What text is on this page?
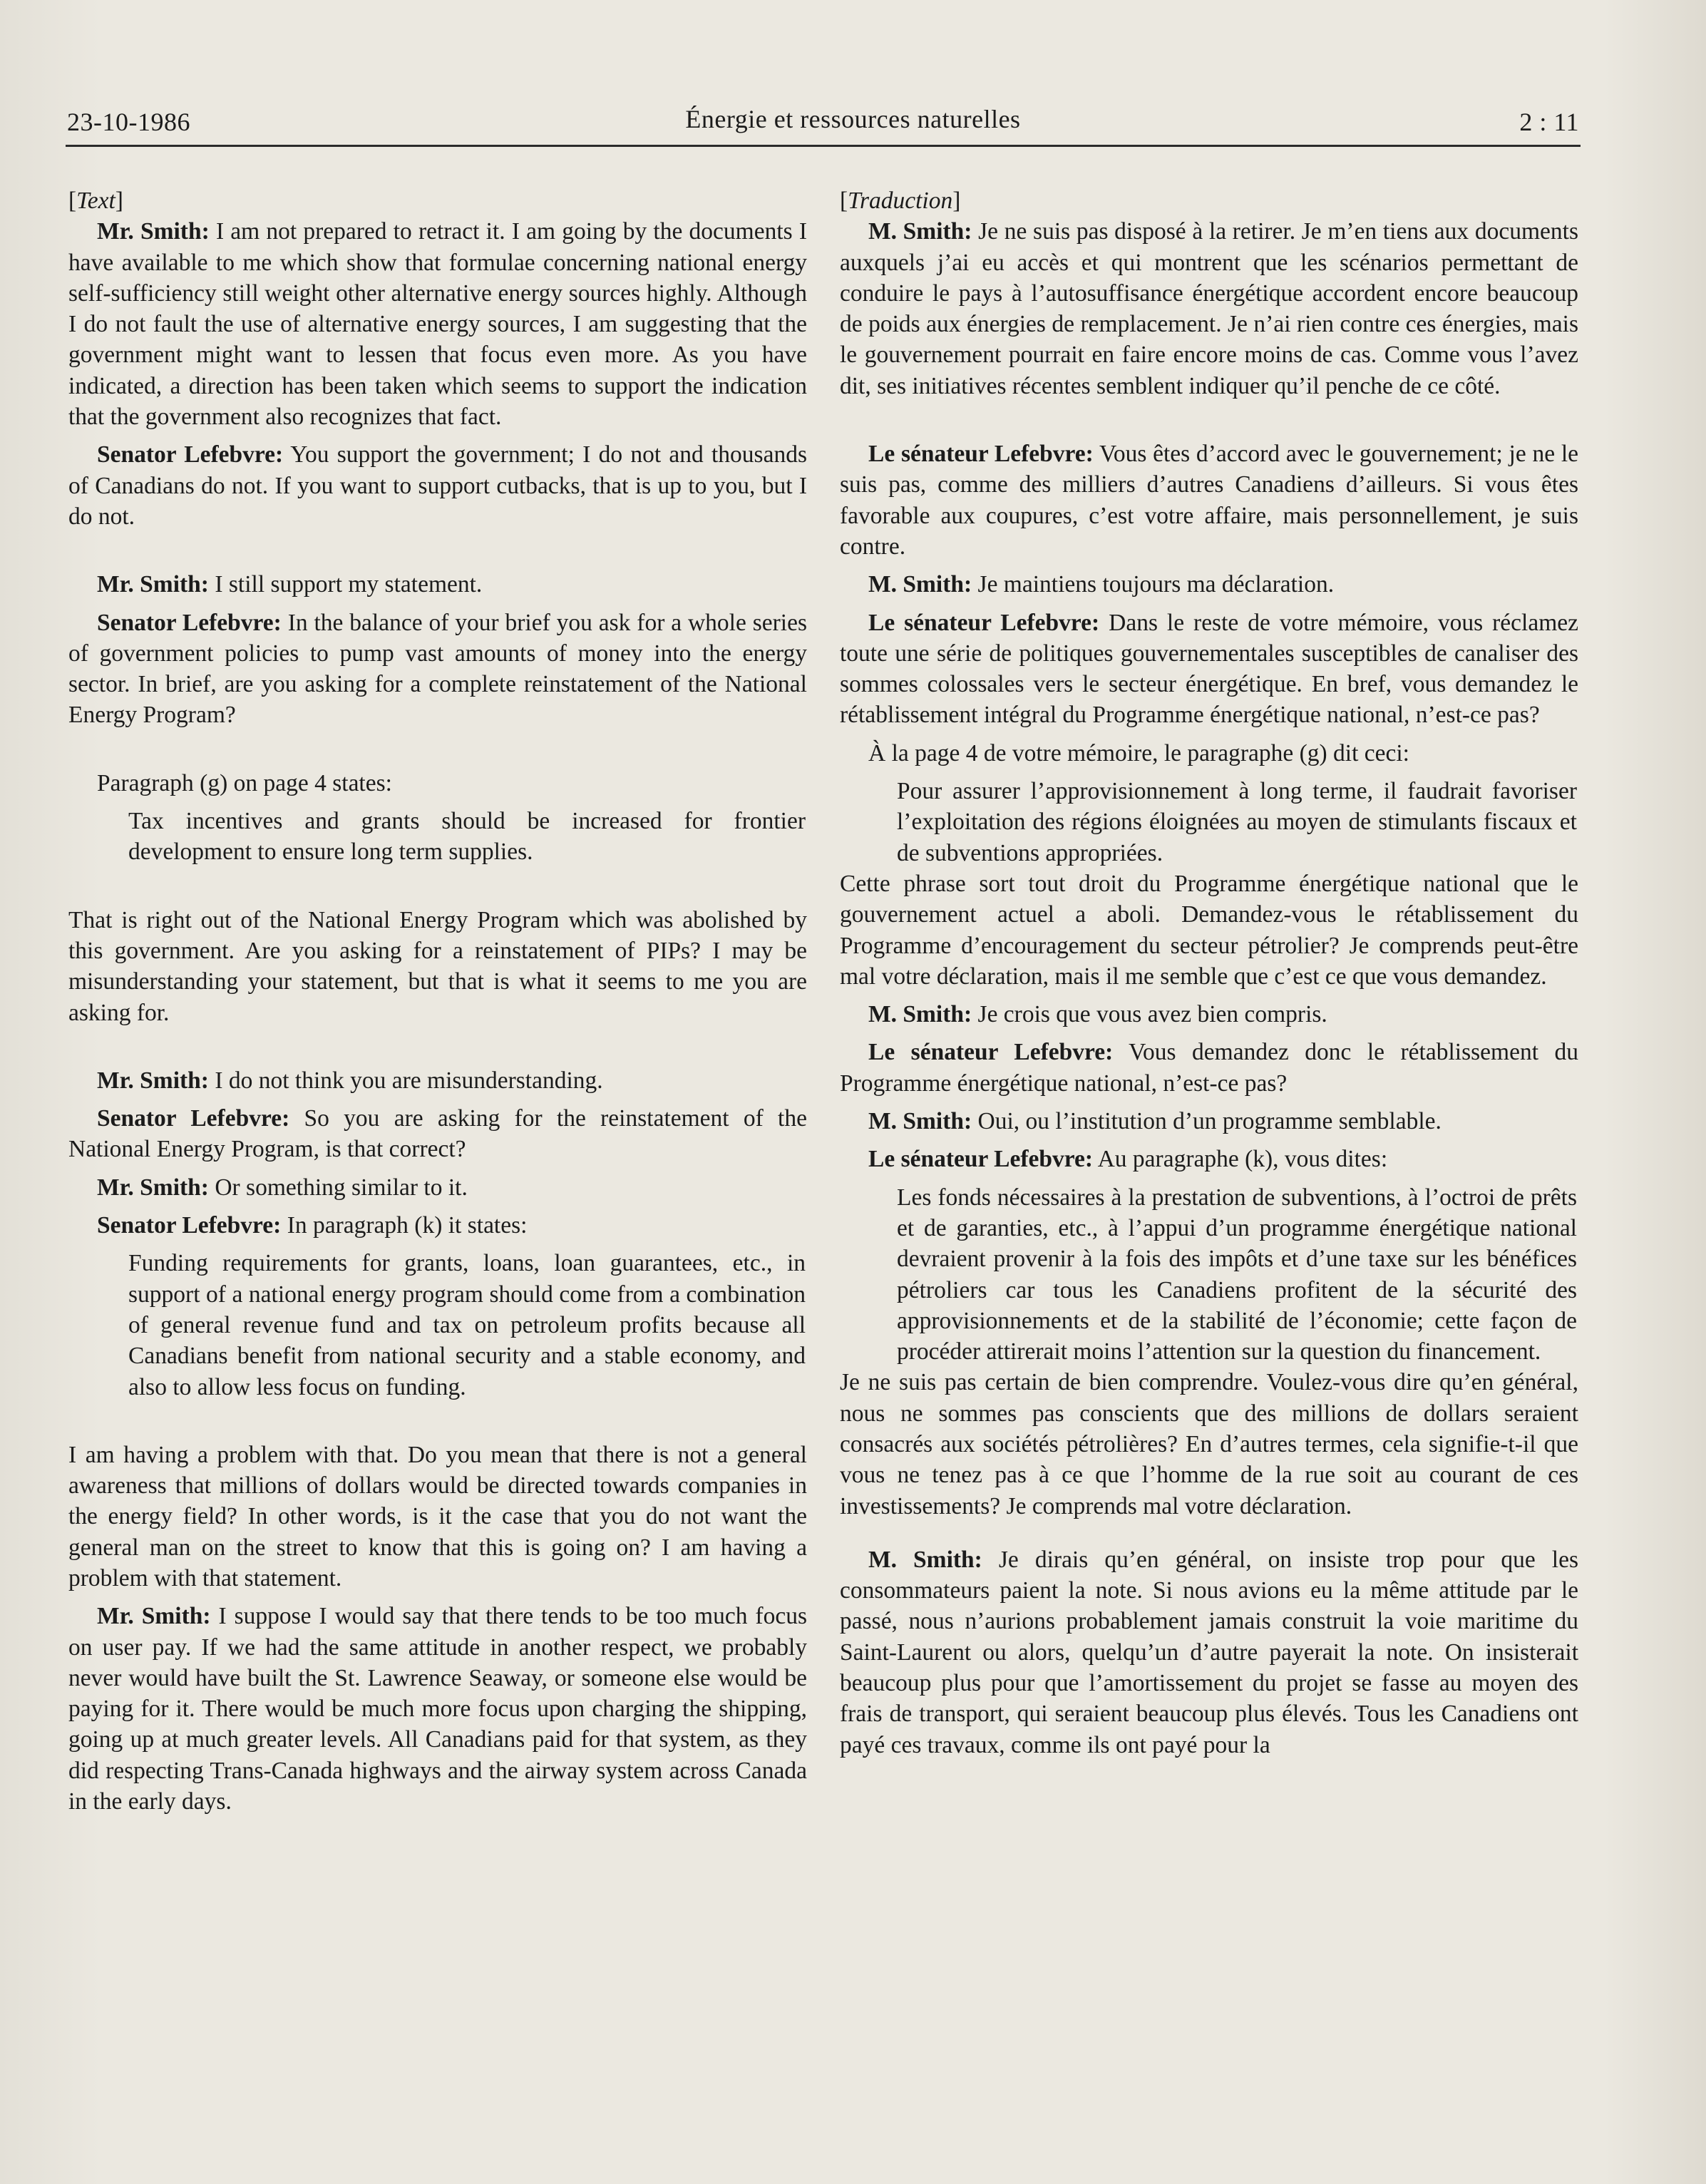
23-10-1986	Énergie et ressources naturelles	2 : 11

[Text]

Mr. Smith: I am not prepared to retract it. I am going by the documents I have available to me which show that formulae concerning national energy self-sufficiency still weight other alternative energy sources highly. Although I do not fault the use of alternative energy sources, I am suggesting that the government might want to lessen that focus even more. As you have indicated, a direction has been taken which seems to support the indication that the government also recognizes that fact.

Senator Lefebvre: You support the government; I do not and thousands of Canadians do not. If you want to support cutbacks, that is up to you, but I do not.

Mr. Smith: I still support my statement.

Senator Lefebvre: In the balance of your brief you ask for a whole series of government policies to pump vast amounts of money into the energy sector. In brief, are you asking for a complete reinstatement of the National Energy Program?

Paragraph (g) on page 4 states:

Tax incentives and grants should be increased for frontier development to ensure long term supplies.

That is right out of the National Energy Program which was abolished by this government. Are you asking for a reinstatement of PIPs? I may be misunderstanding your statement, but that is what it seems to me you are asking for.

Mr. Smith: I do not think you are misunderstanding.

Senator Lefebvre: So you are asking for the reinstatement of the National Energy Program, is that correct?

Mr. Smith: Or something similar to it.

Senator Lefebvre: In paragraph (k) it states:

Funding requirements for grants, loans, loan guarantees, etc., in support of a national energy program should come from a combination of general revenue fund and tax on petroleum profits because all Canadians benefit from national security and a stable economy, and also to allow less focus on funding.

I am having a problem with that. Do you mean that there is not a general awareness that millions of dollars would be directed towards companies in the energy field? In other words, is it the case that you do not want the general man on the street to know that this is going on? I am having a problem with that statement.

Mr. Smith: I suppose I would say that there tends to be too much focus on user pay. If we had the same attitude in another respect, we probably never would have built the St. Lawrence Seaway, or someone else would be paying for it. There would be much more focus upon charging the shipping, going up at much greater levels. All Canadians paid for that system, as they did respecting Trans-Canada highways and the airway system across Canada in the early days.

[Traduction]

M. Smith: Je ne suis pas disposé à la retirer. Je m’en tiens aux documents auxquels j’ai eu accès et qui montrent que les scénarios permettant de conduire le pays à l’autosuffisance énergétique accordent encore beaucoup de poids aux énergies de remplacement. Je n’ai rien contre ces énergies, mais le gouvernement pourrait en faire encore moins de cas. Comme vous l’avez dit, ses initiatives récentes semblent indiquer qu’il penche de ce côté.

Le sénateur Lefebvre: Vous êtes d’accord avec le gouvernement; je ne le suis pas, comme des milliers d’autres Canadiens d’ailleurs. Si vous êtes favorable aux coupures, c’est votre affaire, mais personnellement, je suis contre.

M. Smith: Je maintiens toujours ma déclaration.

Le sénateur Lefebvre: Dans le reste de votre mémoire, vous réclamez toute une série de politiques gouvernementales susceptibles de canaliser des sommes colossales vers le secteur énergétique. En bref, vous demandez le rétablissement intégral du Programme énergétique national, n’est-ce pas?

À la page 4 de votre mémoire, le paragraphe (g) dit ceci:

Pour assurer l’approvisionnement à long terme, il faudrait favoriser l’exploitation des régions éloignées au moyen de stimulants fiscaux et de subventions appropriées.

Cette phrase sort tout droit du Programme énergétique national que le gouvernement actuel a aboli. Demandez-vous le rétablissement du Programme d’encouragement du secteur pétrolier? Je comprends peut-être mal votre déclaration, mais il me semble que c’est ce que vous demandez.

M. Smith: Je crois que vous avez bien compris.

Le sénateur Lefebvre: Vous demandez donc le rétablissement du Programme énergétique national, n’est-ce pas?

M. Smith: Oui, ou l’institution d’un programme semblable.

Le sénateur Lefebvre: Au paragraphe (k), vous dites:

Les fonds nécessaires à la prestation de subventions, à l’octroi de prêts et de garanties, etc., à l’appui d’un programme énergétique national devraient provenir à la fois des impôts et d’une taxe sur les bénéfices pétroliers car tous les Canadiens profitent de la sécurité des approvisionnements et de la stabilité de l’économie; cette façon de procéder attirerait moins l’attention sur la question du financement.

Je ne suis pas certain de bien comprendre. Voulez-vous dire qu’en général, nous ne sommes pas conscients que des millions de dollars seraient consacrés aux sociétés pétrolières? En d’autres termes, cela signifie-t-il que vous ne tenez pas à ce que l’homme de la rue soit au courant de ces investissements? Je comprends mal votre déclaration.

M. Smith: Je dirais qu’en général, on insiste trop pour que les consommateurs paient la note. Si nous avions eu la même attitude par le passé, nous n’aurions probablement jamais construit la voie maritime du Saint-Laurent ou alors, quelqu’un d’autre payerait la note. On insisterait beaucoup plus pour que l’amortissement du projet se fasse au moyen des frais de transport, qui seraient beaucoup plus élevés. Tous les Canadiens ont payé ces travaux, comme ils ont payé pour la
